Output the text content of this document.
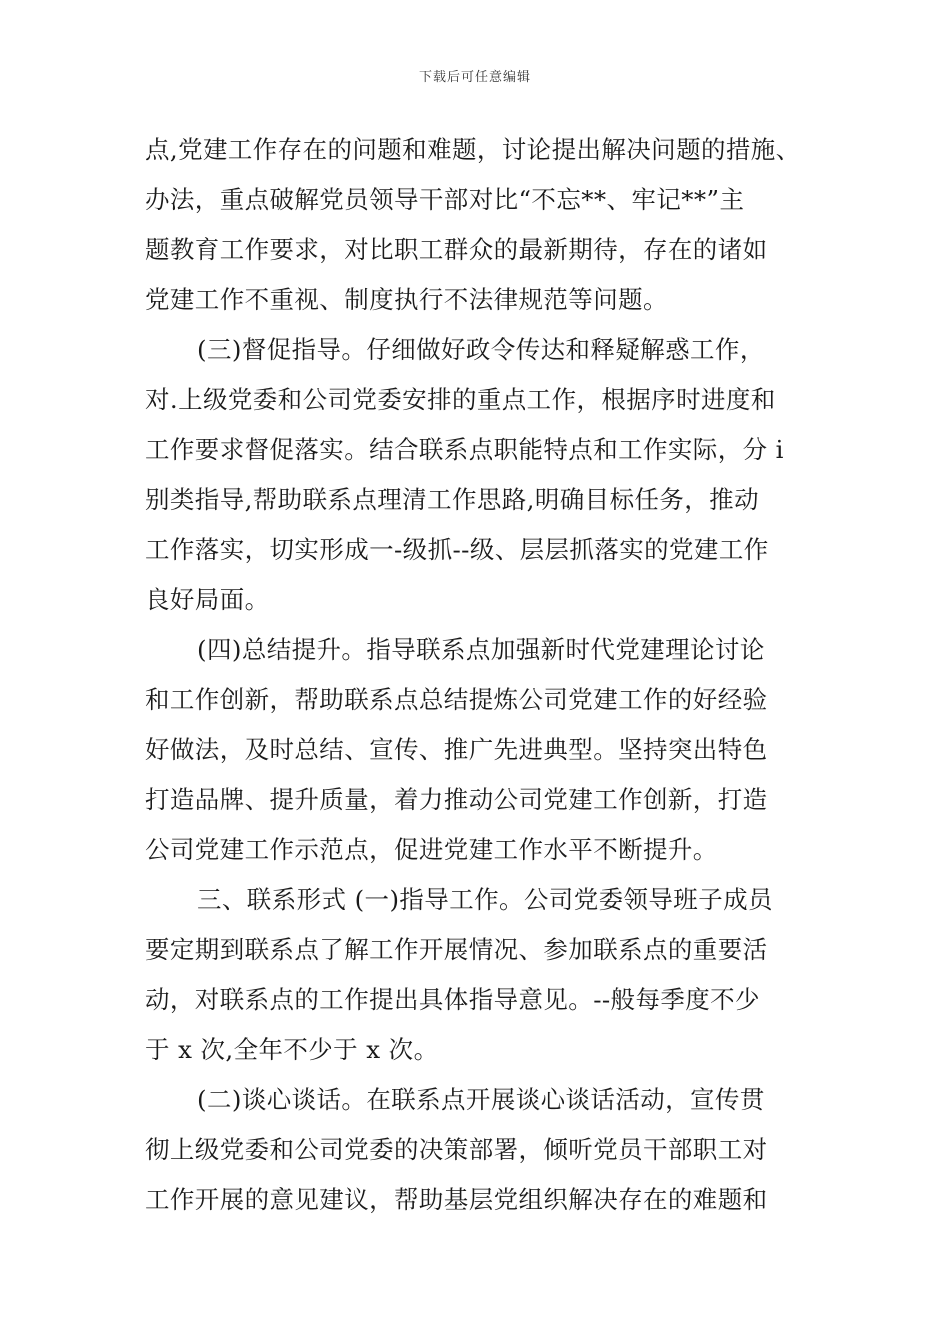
下载后可任意编辑
点,党建工作存在的问题和难题，讨论提出解决问题的措施、
办法，重点破解党员领导干部对比“不忘**、牢记**”主
题教育工作要求，对比职工群众的最新期待，存在的诸如
党建工作不重视、制度执行不法律规范等问题。
(三)督促指导。仔细做好政令传达和释疑解惑工作，
对.上级党委和公司党委安排的重点工作，根据序时进度和
工作要求督促落实。结合联系点职能特点和工作实际，分 i
别类指导,帮助联系点理清工作思路,明确目标任务，推动
工作落实，切实形成一-级抓--级、层层抓落实的党建工作
良好局面。
(四)总结提升。指导联系点加强新时代党建理论讨论
和工作创新，帮助联系点总结提炼公司党建工作的好经验
好做法，及时总结、宣传、推广先进典型。坚持突出特色
打造品牌、提升质量，着力推动公司党建工作创新，打造
公司党建工作示范点，促进党建工作水平不断提升。
三、联系形式 (一)指导工作。公司党委领导班子成员
要定期到联系点了解工作开展情况、参加联系点的重要活
动，对联系点的工作提出具体指导意见。--般每季度不少
于 x 次,全年不少于 x 次。
(二)谈心谈话。在联系点开展谈心谈话活动，宣传贯
彻上级党委和公司党委的决策部署，倾听党员干部职工对
工作开展的意见建议，帮助基层党组织解决存在的难题和
